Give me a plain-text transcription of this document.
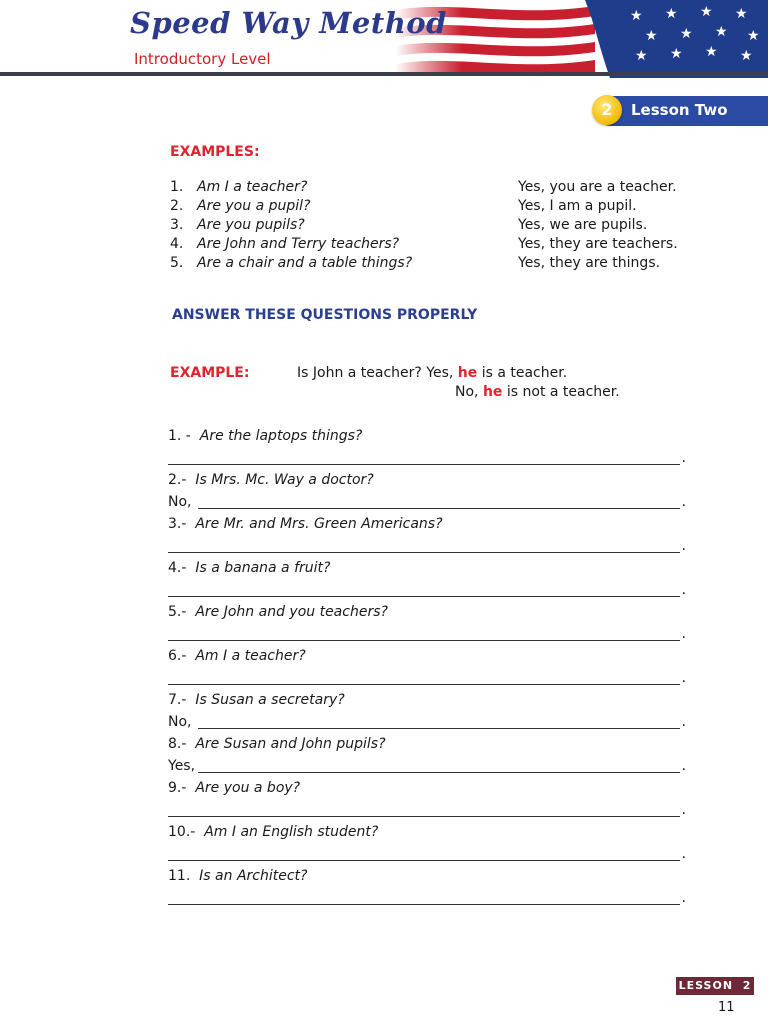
Speed Way Method
Introductory Level
2	Lesson Two
EXAMPLES:
1. Am I a teacher?	Yes, you are a teacher.
2. Are you a pupil?	Yes, I am a pupil.
3. Are you pupils?	Yes, we are pupils.
4. Are John and Terry teachers?	Yes, they are teachers.
5. Are a chair and a table things?	Yes, they are things.
ANSWER THESE QUESTIONS PROPERLY
EXAMPLE:	Is John a teacher? Yes, he is a teacher.
No, he is not a teacher.
1. - Are the laptops things?
.
2.- Is Mrs. Mc. Way a doctor?
No,	.
3.- Are Mr. and Mrs. Green Americans?
.
4.- Is a banana a fruit?
.
5.- Are John and you teachers?
.
6.- Am I a teacher?
.
7.- Is Susan a secretary?
No,	.
8.- Are Susan and John pupils?
Yes,	.
9.- Are you a boy?
.
10.- Am I an English student?
.
11. Is an Architect?
.
LESSON 2
11
